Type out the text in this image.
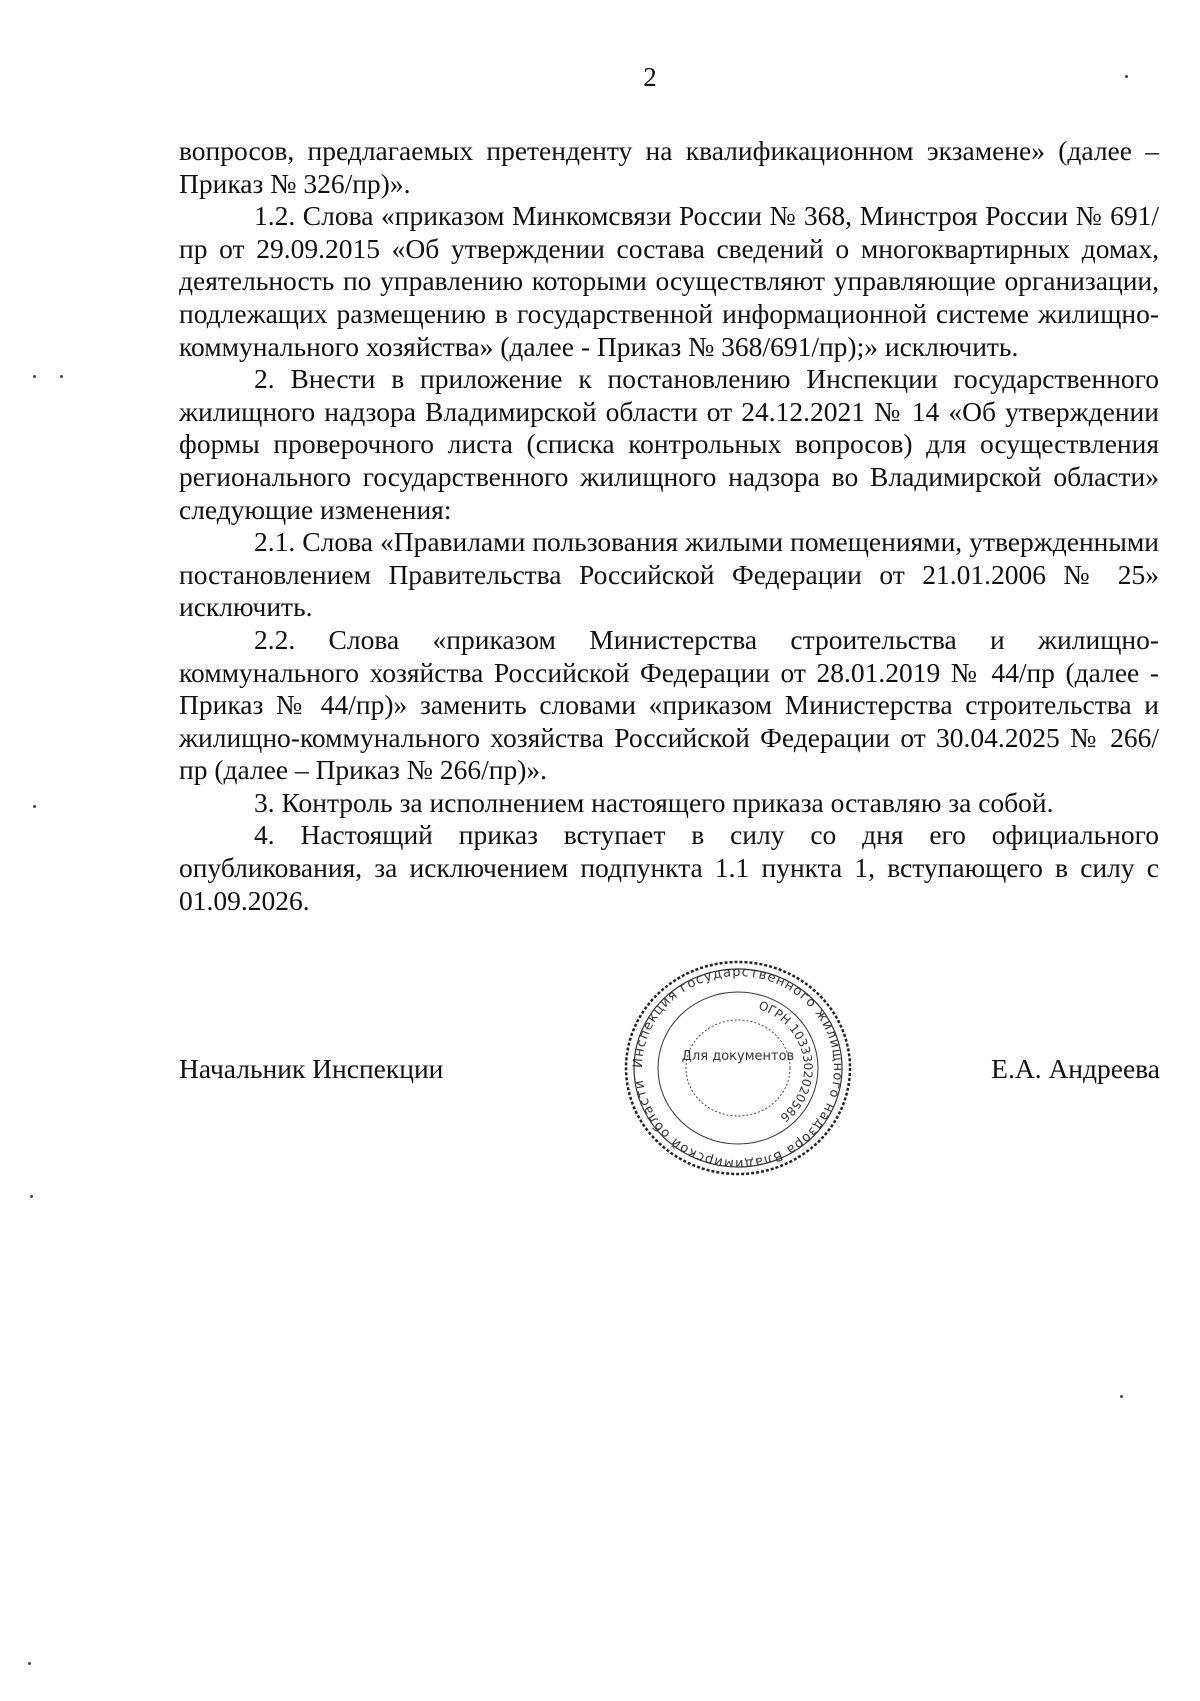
2

вопросов, предлагаемых претенденту на квалификационном экзамене» (далее – Приказ № 326/пр)».

1.2. Слова «приказом Минкомсвязи России № 368, Минстроя России № 691/пр от 29.09.2015 «Об утверждении состава сведений о многоквартирных домах, деятельность по управлению которыми осуществляют управляющие организации, подлежащих размещению в государственной информационной системе жилищно-коммунального хозяйства» (далее - Приказ № 368/691/пр);» исключить.

2. Внести в приложение к постановлению Инспекции государственного жилищного надзора Владимирской области от 24.12.2021 № 14 «Об утверждении формы проверочного листа (списка контрольных вопросов) для осуществления регионального государственного жилищного надзора во Владимирской области» следующие изменения:

2.1. Слова «Правилами пользования жилыми помещениями, утвержденными постановлением Правительства Российской Федерации от 21.01.2006 № 25» исключить.

2.2. Слова «приказом Министерства строительства и жилищно-коммунального хозяйства Российской Федерации от 28.01.2019 № 44/пр (далее - Приказ № 44/пр)» заменить словами «приказом Министерства строительства и жилищно-коммунального хозяйства Российской Федерации от 30.04.2025 № 266/пр (далее – Приказ № 266/пр)».

3. Контроль за исполнением настоящего приказа оставляю за собой.

4. Настоящий приказ вступает в силу со дня его официального опубликования, за исключением подпункта 1.1 пункта 1, вступающего в силу с 01.09.2026.

Начальник Инспекции	Е.А. Андреева
Инспекция государственного жилищного надзора Владимирской области
ОГРН 1033302020586
Для документов
